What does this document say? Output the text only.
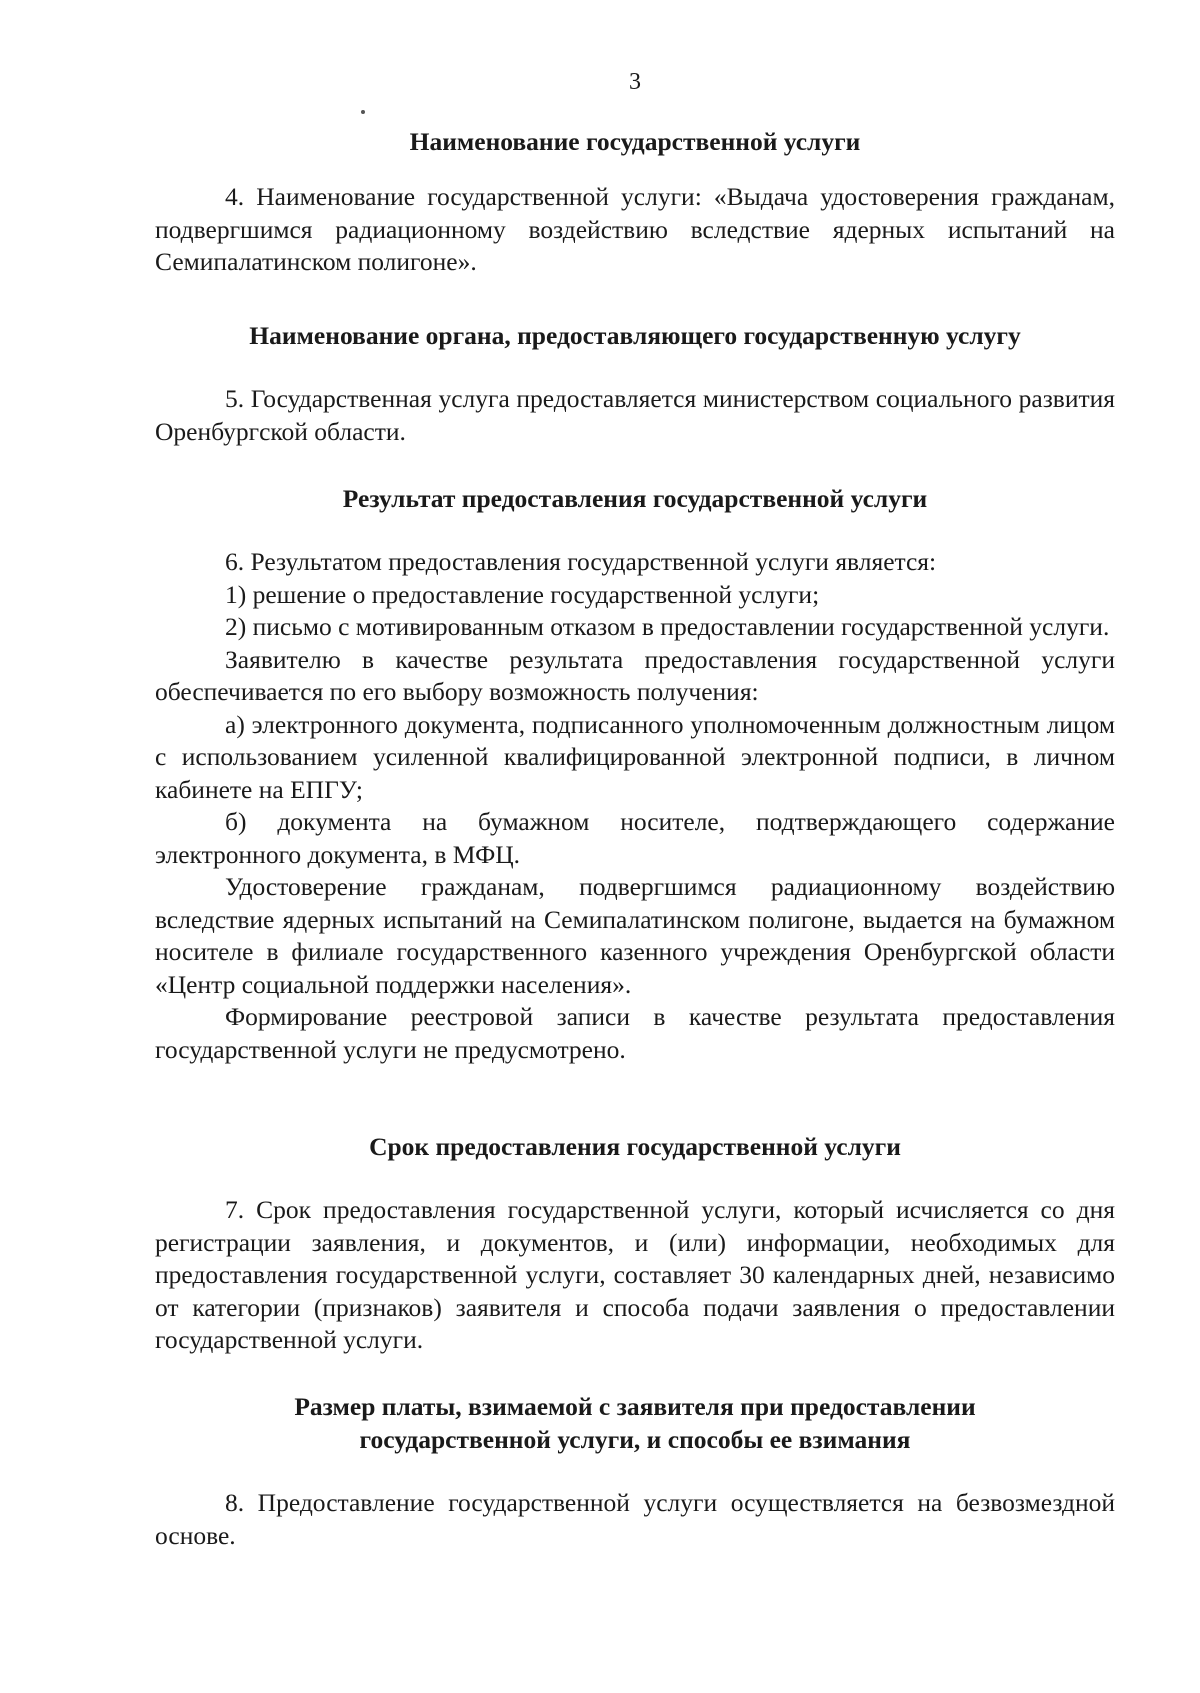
3
Наименование государственной услуги

4. Наименование государственной услуги: «Выдача удостоверения гражданам, подвергшимся радиационному воздействию вследствие ядерных испытаний на Семипалатинском полигоне».

Наименование органа, предоставляющего государственную услугу

5. Государственная услуга предоставляется министерством социального развития Оренбургской области.

Результат предоставления государственной услуги

6. Результатом предоставления государственной услуги является:

1) решение о предоставление государственной услуги;

2) письмо с мотивированным отказом в предоставлении государственной услуги.

Заявителю в качестве результата предоставления государственной услуги обеспечивается по его выбору возможность получения:

а) электронного документа, подписанного уполномоченным должностным лицом с использованием усиленной квалифицированной электронной подписи, в личном кабинете на ЕПГУ;

б) документа на бумажном носителе, подтверждающего содержание электронного документа, в МФЦ.

Удостоверение гражданам, подвергшимся радиационному воздействию вследствие ядерных испытаний на Семипалатинском полигоне, выдается на бумажном носителе в филиале государственного казенного учреждения Оренбургской области «Центр социальной поддержки населения».

Формирование реестровой записи в качестве результата предоставления государственной услуги не предусмотрено.

Срок предоставления государственной услуги

7. Срок предоставления государственной услуги, который исчисляется со дня регистрации заявления, и документов, и (или) информации, необходимых для предоставления государственной услуги, составляет 30 календарных дней, независимо от категории (признаков) заявителя и способа подачи заявления о предоставлении государственной услуги.

Размер платы, взимаемой с заявителя при предоставлении
государственной услуги, и способы ее взимания

8. Предоставление государственной услуги осуществляется на безвозмездной основе.
